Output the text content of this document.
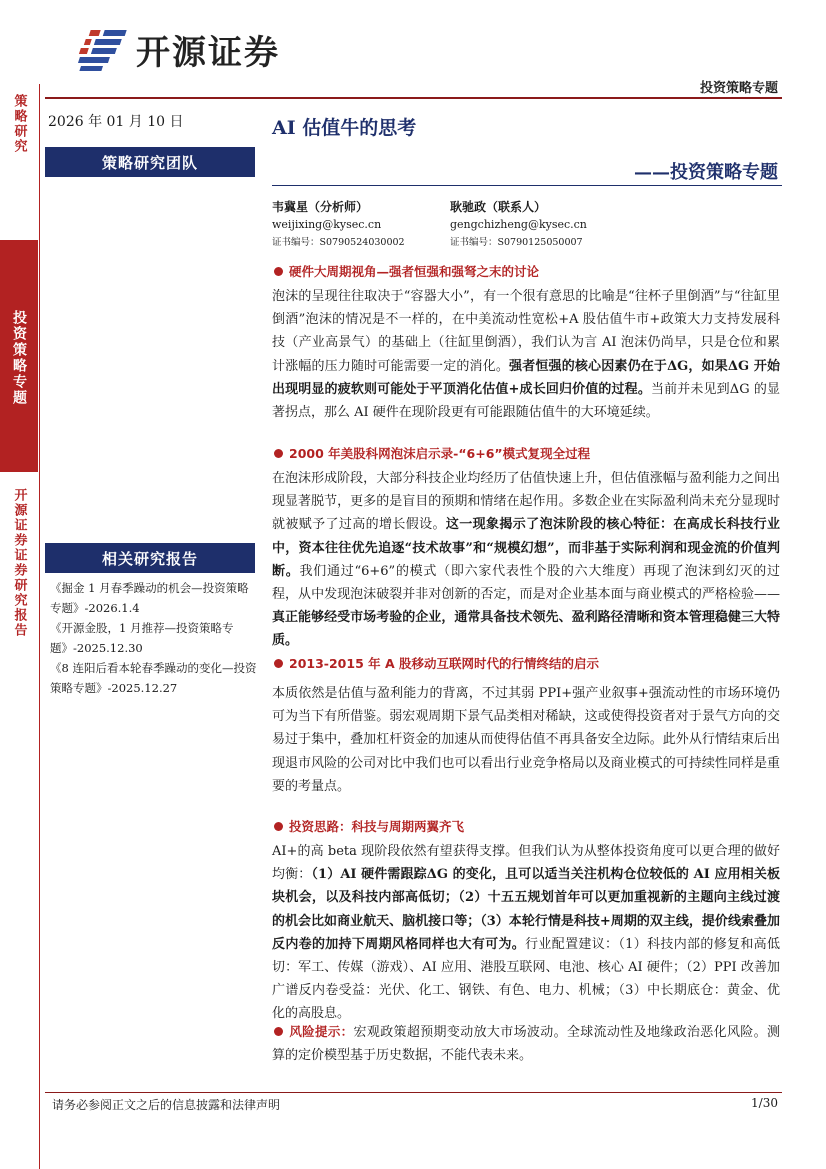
开源证券
投资策略专题
策略研究
投资策略专题
开源证券证券研究报告
2026 年 01 月 10 日	AI 估值牛的思考
策略研究团队	——投资策略专题
韦冀星（分析师）
weijixing@kysec.cn
证书编号：S0790524030002
耿驰政（联系人）
gengchizheng@kysec.cn
证书编号：S0790125050007
相关研究报告
《掘金 1 月春季躁动的机会—投资策略专题》-2026.1.4
《开源金股，1 月推荐—投资策略专题》-2025.12.30
《8 连阳后看本轮春季躁动的变化—投资策略专题》-2025.12.27
硬件大周期视角—强者恒强和强弩之末的讨论
泡沫的呈现往往取决于“容器大小”，有一个很有意思的比喻是“往杯子里倒酒”与“往缸里倒酒”泡沫的情况是不一样的，在中美流动性宽松+A 股估值牛市+政策大力支持发展科技（产业高景气）的基础上（往缸里倒酒），我们认为言 AI 泡沫仍尚早，只是仓位和累计涨幅的压力随时可能需要一定的消化。强者恒强的核心因素仍在于ΔG，如果ΔG 开始出现明显的疲软则可能处于平顶消化估值+成长回归价值的过程。当前并未见到ΔG 的显著拐点，那么 AI 硬件在现阶段更有可能跟随估值牛的大环境延续。
2000 年美股科网泡沫启示录-“6+6”模式复现全过程
在泡沫形成阶段，大部分科技企业均经历了估值快速上升，但估值涨幅与盈利能力之间出现显著脱节，更多的是盲目的预期和情绪在起作用。多数企业在实际盈利尚未充分显现时就被赋予了过高的增长假设。这一现象揭示了泡沫阶段的核心特征：在高成长科技行业中，资本往往优先追逐“技术故事”和“规模幻想”，而非基于实际利润和现金流的价值判断。我们通过“6+6”的模式（即六家代表性个股的六大维度）再现了泡沫到幻灭的过程，从中发现泡沫破裂并非对创新的否定，而是对企业基本面与商业模式的严格检验——真正能够经受市场考验的企业，通常具备技术领先、盈利路径清晰和资本管理稳健三大特质。
2013-2015 年 A 股移动互联网时代的行情终结的启示
本质依然是估值与盈利能力的背离，不过其弱 PPI+强产业叙事+强流动性的市场环境仍可为当下有所借鉴。弱宏观周期下景气品类相对稀缺，这或使得投资者对于景气方向的交易过于集中，叠加杠杆资金的加速从而使得估值不再具备安全边际。此外从行情结束后出现退市风险的公司对比中我们也可以看出行业竞争格局以及商业模式的可持续性同样是重要的考量点。
投资思路：科技与周期两翼齐飞
AI+的高 beta 现阶段依然有望获得支撑。但我们认为从整体投资角度可以更合理的做好均衡：（1）AI 硬件需跟踪ΔG 的变化，且可以适当关注机构仓位较低的 AI 应用相关板块机会，以及科技内部高低切；（2）十五五规划首年可以更加重视新的主题向主线过渡的机会比如商业航天、脑机接口等；（3）本轮行情是科技+周期的双主线，提价线索叠加反内卷的加持下周期风格同样也大有可为。行业配置建议：（1）科技内部的修复和高低切：军工、传媒（游戏）、AI 应用、港股互联网、电池、核心 AI 硬件；（2）PPI 改善加广谱反内卷受益：光伏、化工、钢铁、有色、电力、机械；（3）中长期底仓：黄金、优化的高股息。
风险提示：宏观政策超预期变动放大市场波动。全球流动性及地缘政治恶化风险。测算的定价模型基于历史数据，不能代表未来。
请务必参阅正文之后的信息披露和法律声明	1/30
